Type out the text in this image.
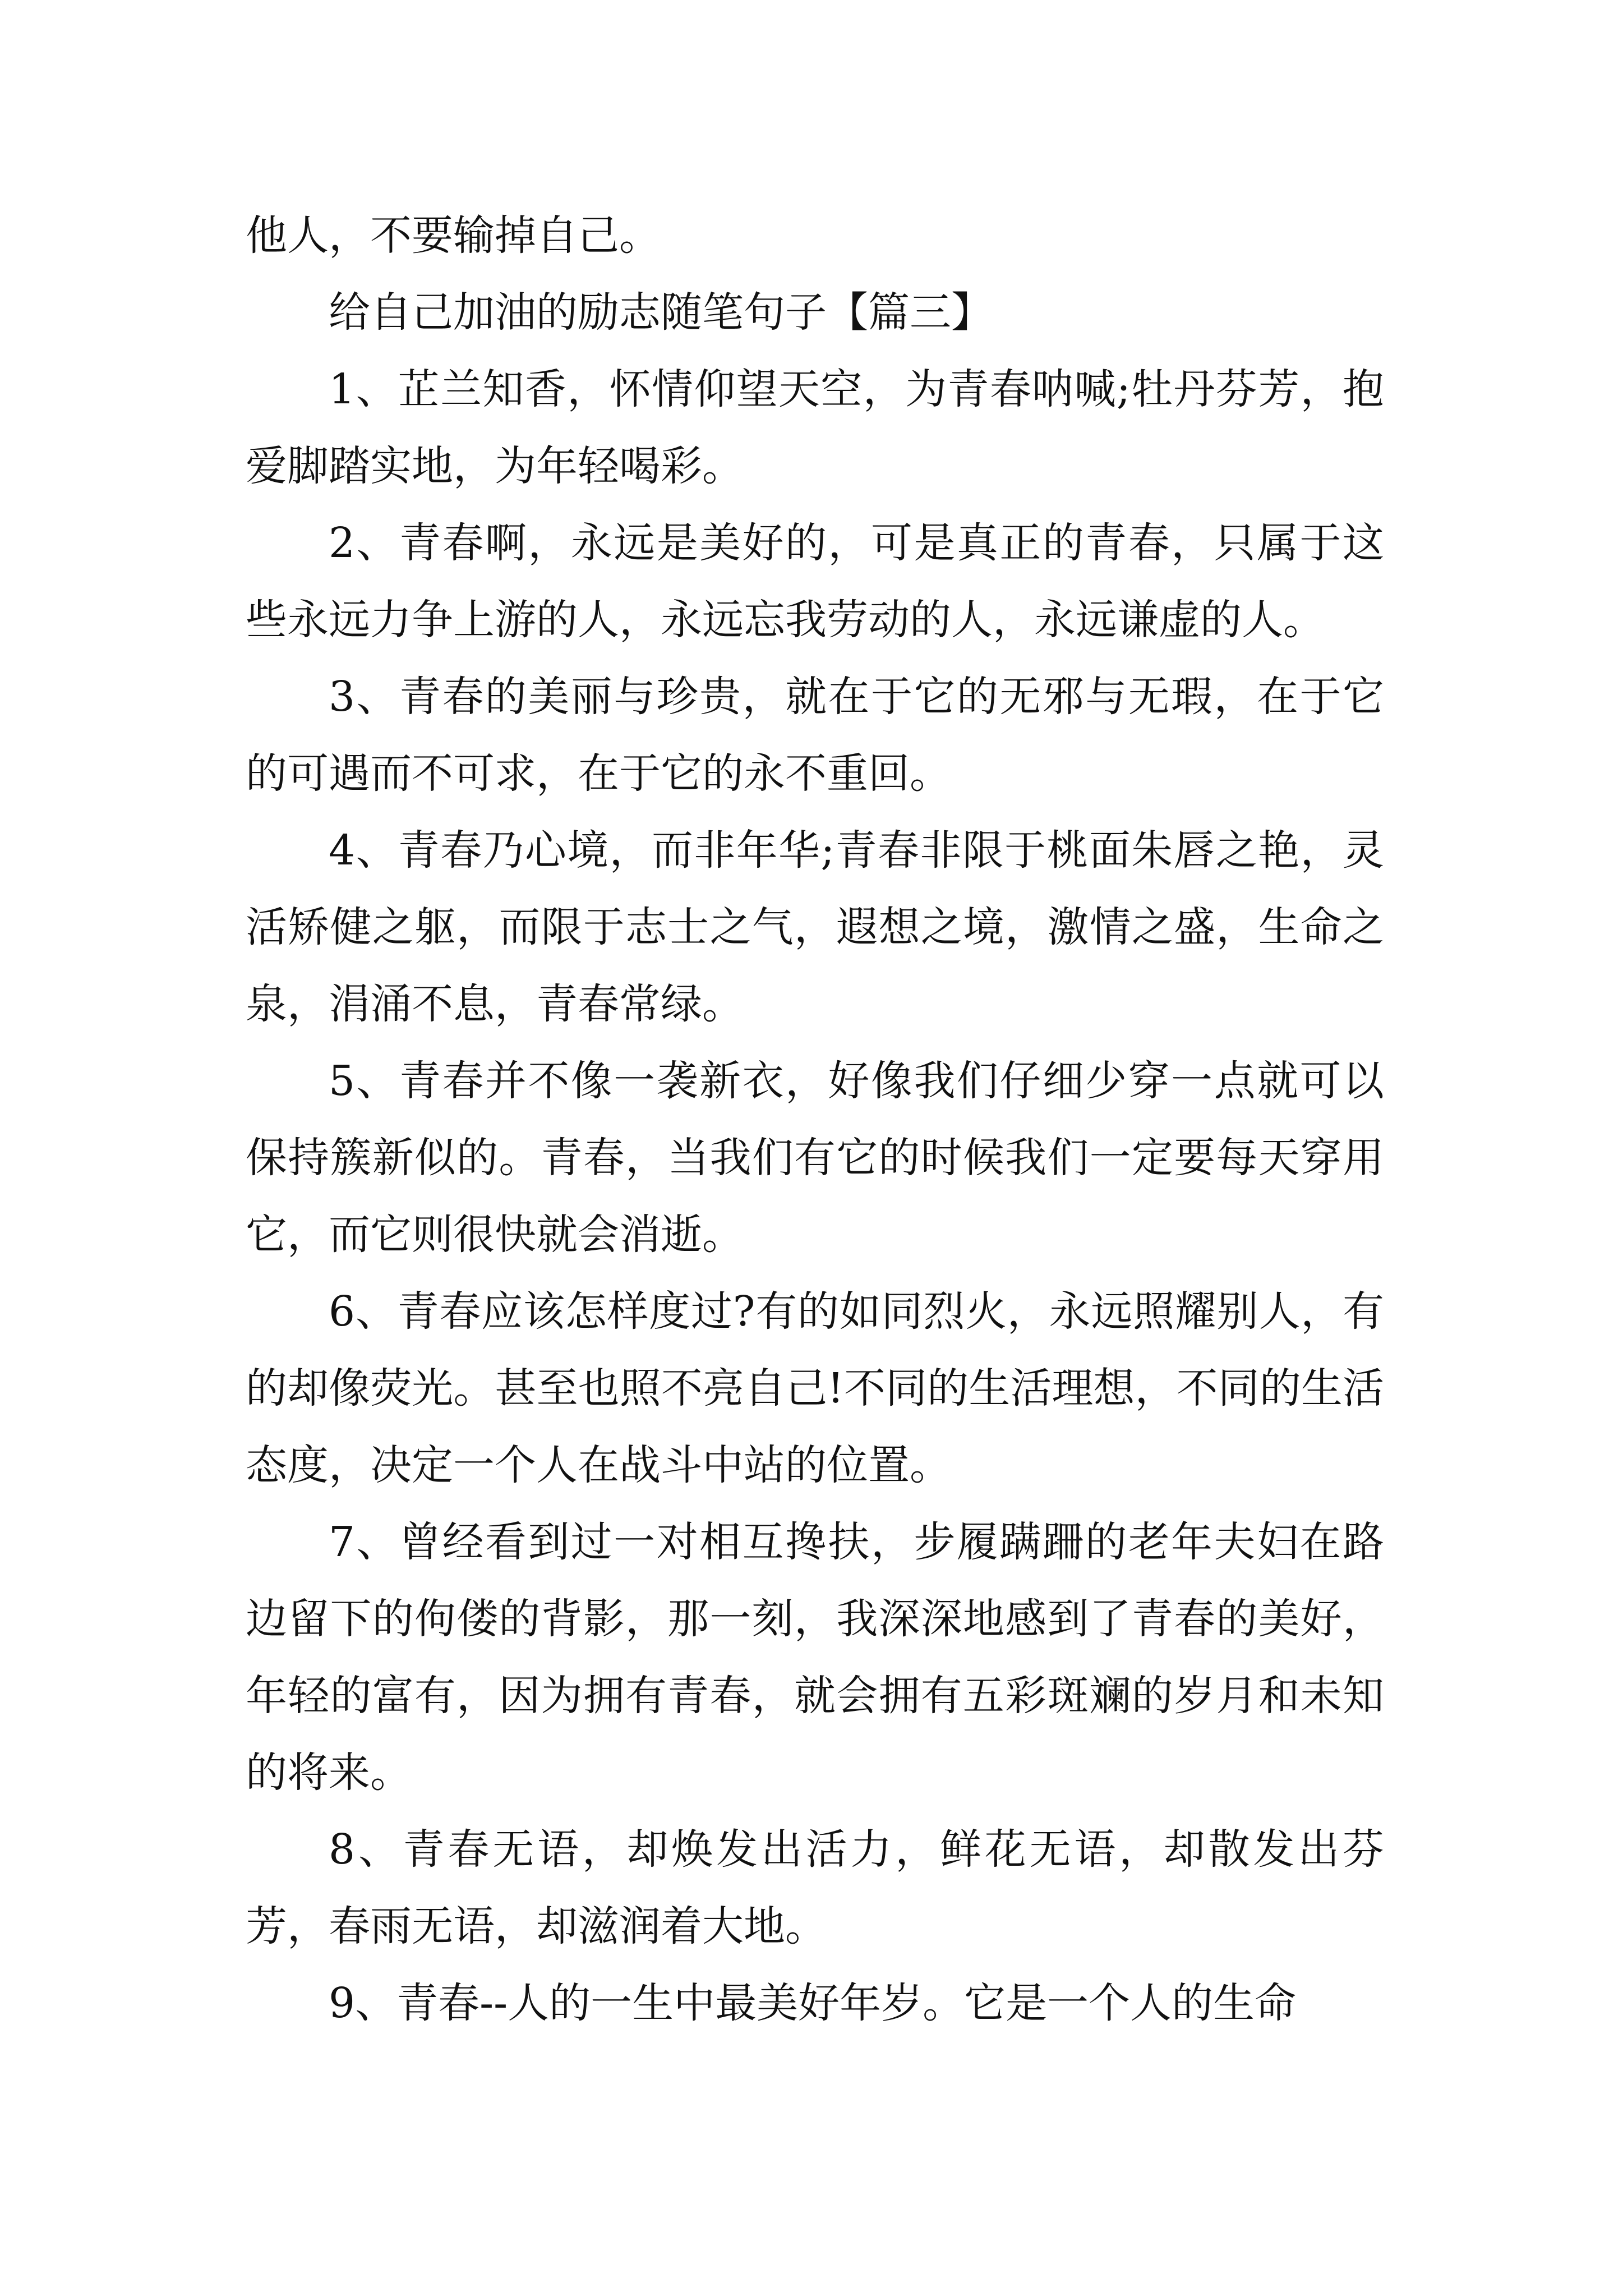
他人，不要输掉自己。

给自己加油的励志随笔句子【篇三】

1、芷兰知香，怀情仰望天空，为青春呐喊;牡丹芬芳，抱爱脚踏实地，为年轻喝彩。

2、青春啊，永远是美好的，可是真正的青春，只属于这些永远力争上游的人，永远忘我劳动的人，永远谦虚的人。

3、青春的美丽与珍贵，就在于它的无邪与无瑕，在于它的可遇而不可求，在于它的永不重回。

4、青春乃心境，而非年华;青春非限于桃面朱唇之艳，灵活矫健之躯，而限于志士之气，遐想之境，激情之盛，生命之泉，涓涌不息，青春常绿。

5、青春并不像一袭新衣，好像我们仔细少穿一点就可以保持簇新似的。青春，当我们有它的时候我们一定要每天穿用它，而它则很快就会消逝。

6、青春应该怎样度过?有的如同烈火，永远照耀别人，有的却像荧光。甚至也照不亮自己!不同的生活理想，不同的生活态度，决定一个人在战斗中站的位置。

7、曾经看到过一对相互搀扶，步履蹒跚的老年夫妇在路边留下的佝偻的背影，那一刻，我深深地感到了青春的美好，年轻的富有，因为拥有青春，就会拥有五彩斑斓的岁月和未知的将来。

8、青春无语，却焕发出活力，鲜花无语，却散发出芬芳，春雨无语，却滋润着大地。

9、青春--人的一生中最美好年岁。它是一个人的生命
